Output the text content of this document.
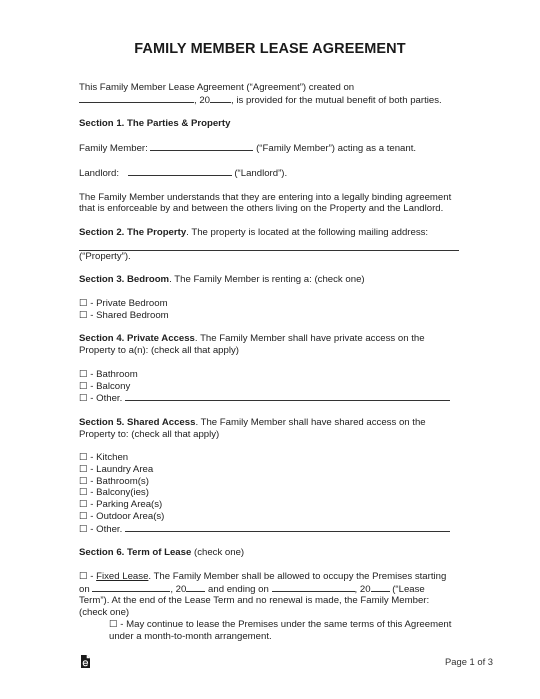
FAMILY MEMBER LEASE AGREEMENT
This Family Member Lease Agreement (“Agreement”) created on
, 20 , is provided for the mutual benefit of both parties.
Section 1. The Parties & Property
Family Member:	(“Family Member”) acting as a tenant.
Landlord:	(“Landlord”).

The Family Member understands that they are entering into a legally binding agreement that is enforceable by and between the others living on the Property and the Landlord.

Section 2. The Property. The property is located at the following mailing address:
(“Property”).
Section 3. Bedroom. The Family Member is renting a: (check one)
☐ - Private Bedroom
☐ - Shared Bedroom

Section 4. Private Access. The Family Member shall have private access on the Property to a(n): (check all that apply)

☐ - Bathroom
☐ - Balcony
☐ - Other.

Section 5. Shared Access. The Family Member shall have shared access on the Property to: (check all that apply)

☐ - Kitchen
☐ - Laundry Area
☐ - Bathroom(s)
☐ - Balcony(ies)
☐ - Parking Area(s)
☐ - Outdoor Area(s)
☐ - Other.
Section 6. Term of Lease (check one)
☐ - Fixed Lease. The Family Member shall be allowed to occupy the Premises starting
on	, 20 and ending on	, 20 (“Lease
Term”). At the end of the Lease Term and no renewal is made, the Family Member:
(check one)
☐ - May continue to lease the Premises under the same terms of this Agreement under a month-to-month arrangement.
Page 1 of 3
